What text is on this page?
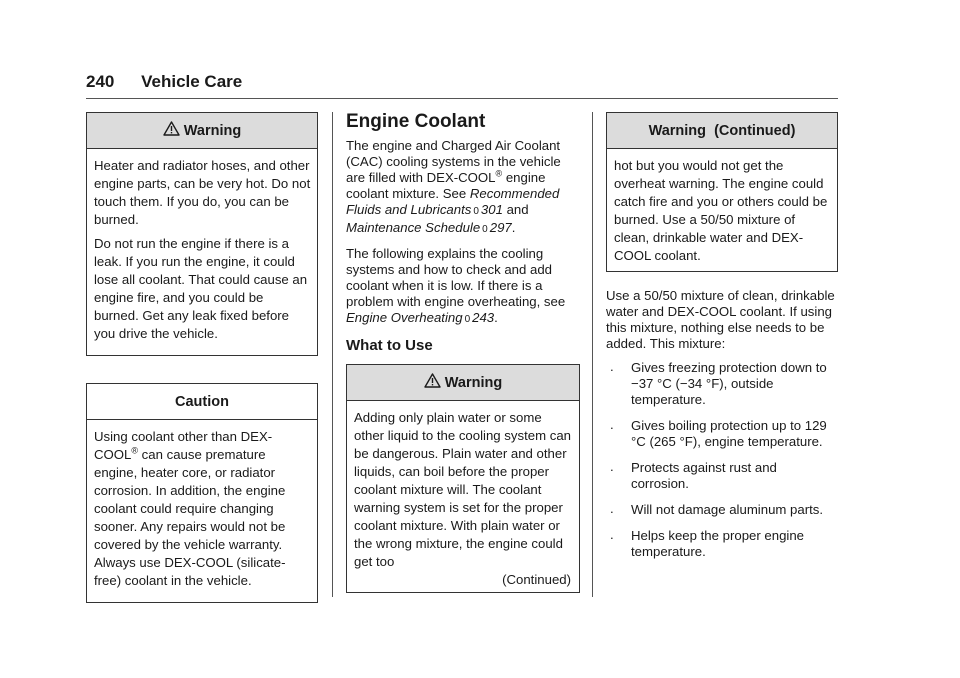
240 Vehicle Care
Warning

Heater and radiator hoses, and other engine parts, can be very hot. Do not touch them. If you do, you can be burned.

Do not run the engine if there is a leak. If you run the engine, it could lose all coolant. That could cause an engine fire, and you could be burned. Get any leak fixed before you drive the vehicle.

Caution

Using coolant other than DEX-COOL® can cause premature engine, heater core, or radiator corrosion. In addition, the engine coolant could require changing sooner. Any repairs would not be covered by the vehicle warranty. Always use DEX-COOL (silicate-free) coolant in the vehicle.

Engine Coolant

The engine and Charged Air Coolant (CAC) cooling systems in the vehicle are filled with DEX-COOL® engine coolant mixture. See Recommended Fluids and Lubricants 0 301 and Maintenance Schedule 0 297.

The following explains the cooling systems and how to check and add coolant when it is low. If there is a problem with engine overheating, see Engine Overheating 0 243.

What to Use
Warning

Adding only plain water or some other liquid to the cooling system can be dangerous. Plain water and other liquids, can boil before the proper coolant mixture will. The coolant warning system is set for the proper coolant mixture. With plain water or the wrong mixture, the engine could get too

(Continued)

Warning  (Continued)

hot but you would not get the overheat warning. The engine could catch fire and you or others could be burned. Use a 50/50 mixture of clean, drinkable water and DEX-COOL coolant.

Use a 50/50 mixture of clean, drinkable water and DEX-COOL coolant. If using this mixture, nothing else needs to be added. This mixture:

. Gives freezing protection down to −37 °C (−34 °F), outside temperature.
. Gives boiling protection up to 129 °C (265 °F), engine temperature.
. Protects against rust and corrosion.
. Will not damage aluminum parts.
. Helps keep the proper engine temperature.
